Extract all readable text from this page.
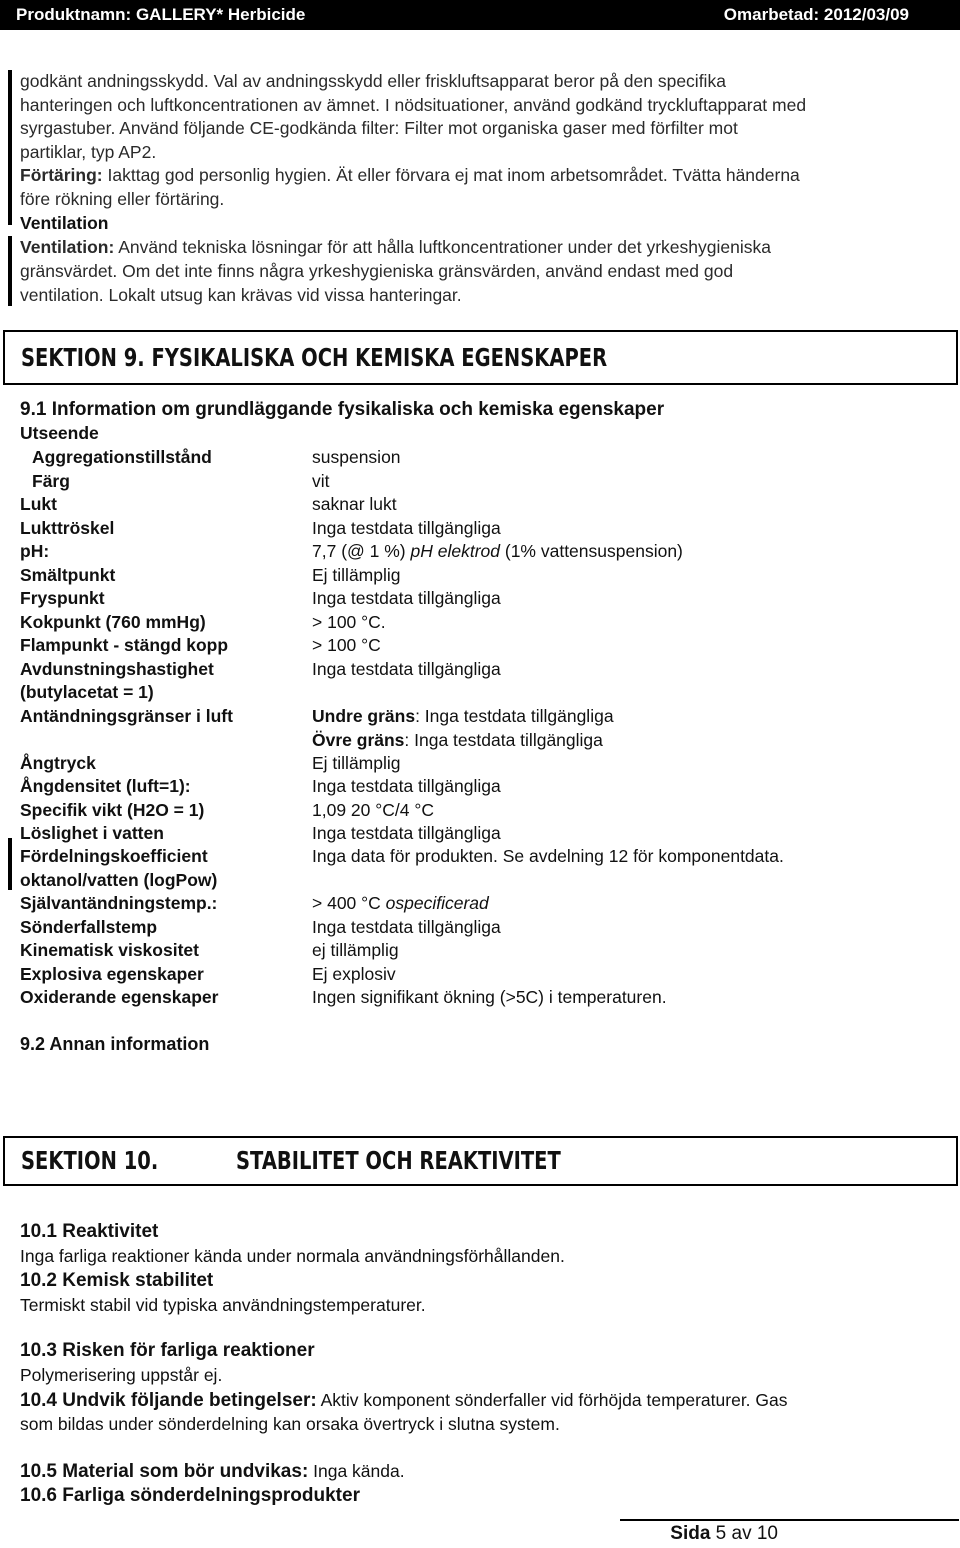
Produktnamn: GALLERY* Herbicide	Omarbetad: 2012/03/09
godkänt andningsskydd. Val av andningsskydd eller friskluftsapparat beror på den specifika
hanteringen och luftkoncentrationen av ämnet. I nödsituationer, använd godkänd tryckluftapparat med
syrgastuber. Använd följande CE-godkända filter: Filter mot organiska gaser med förfilter mot
partiklar, typ AP2.
Förtäring: Iakttag god personlig hygien. Ät eller förvara ej mat inom arbetsområdet. Tvätta händerna
före rökning eller förtäring.
Ventilation
Ventilation: Använd tekniska lösningar för att hålla luftkoncentrationer under det yrkeshygieniska
gränsvärdet. Om det inte finns några yrkeshygieniska gränsvärden, använd endast med god
ventilation. Lokalt utsug kan krävas vid vissa hanteringar.
SEKTION 9. FYSIKALISKA OCH KEMISKA EGENSKAPER
9.1 Information om grundläggande fysikaliska och kemiska egenskaper
Utseende
Aggregationstillstånd	suspension
Färg	vit
Lukt	saknar lukt
Lukttröskel	Inga testdata tillgängliga
pH:	7,7 (@ 1 %) pH elektrod (1% vattensuspension)
Smältpunkt	Ej tillämplig
Fryspunkt	Inga testdata tillgängliga
Kokpunkt (760 mmHg)	> 100 °C.
Flampunkt - stängd kopp	> 100 °C
Avdunstningshastighet	Inga testdata tillgängliga
(butylacetat = 1)
Antändningsgränser i luft	Undre gräns: Inga testdata tillgängliga
Övre gräns: Inga testdata tillgängliga
Ångtryck	Ej tillämplig
Ångdensitet (luft=1):	Inga testdata tillgängliga
Specifik vikt (H2O = 1)	1,09 20 °C/4 °C
Löslighet i vatten	Inga testdata tillgängliga
Fördelningskoefficient	Inga data för produkten. Se avdelning 12 för komponentdata.
oktanol/vatten (logPow)
Självantändningstemp.:	> 400 °C ospecificerad
Sönderfallstemp	Inga testdata tillgängliga
Kinematisk viskositet	ej tillämplig
Explosiva egenskaper	Ej explosiv
Oxiderande egenskaper	Ingen signifikant ökning (>5C) i temperaturen.
9.2 Annan information
SEKTION 10.	STABILITET OCH REAKTIVITET
10.1 Reaktivitet
Inga farliga reaktioner kända under normala användningsförhållanden.
10.2 Kemisk stabilitet
Termiskt stabil vid typiska användningstemperaturer.
10.3 Risken för farliga reaktioner
Polymerisering uppstår ej.
10.4 Undvik följande betingelser: Aktiv komponent sönderfaller vid förhöjda temperaturer. Gas
som bildas under sönderdelning kan orsaka övertryck i slutna system.
10.5 Material som bör undvikas: Inga kända.
10.6 Farliga sönderdelningsprodukter
Sida 5 av 10
